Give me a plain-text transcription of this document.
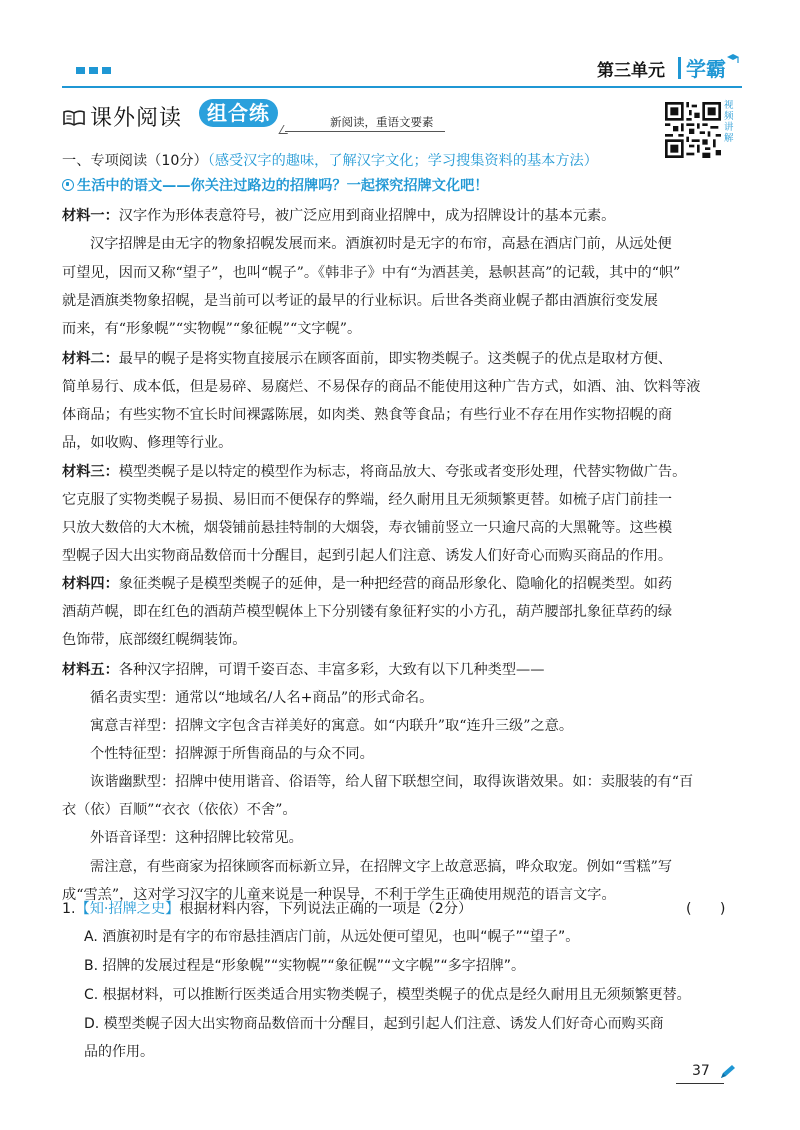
第三单元 学霸
课外阅读	组合练	新阅读，重语文要素
视频讲解
一、专项阅读（10分）（感受汉字的趣味，了解汉字文化；学习搜集资料的基本方法）
生活中的语文——你关注过路边的招牌吗？一起探究招牌文化吧！
材料一：汉字作为形体表意符号，被广泛应用到商业招牌中，成为招牌设计的基本元素。
汉字招牌是由无字的物象招幌发展而来。酒旗初时是无字的布帘，高悬在酒店门前，从远处便
可望见，因而又称“望子”，也叫“幌子”。《韩非子》中有“为酒甚美，悬帜甚高”的记载，其中的“帜”
就是酒旗类物象招幌，是当前可以考证的最早的行业标识。后世各类商业幌子都由酒旗衍变发展
而来，有“形象幌”“实物幌”“象征幌”“文字幌”。
材料二：最早的幌子是将实物直接展示在顾客面前，即实物类幌子。这类幌子的优点是取材方便、
简单易行、成本低，但是易碎、易腐烂、不易保存的商品不能使用这种广告方式，如酒、油、饮料等液
体商品；有些实物不宜长时间裸露陈展，如肉类、熟食等食品；有些行业不存在用作实物招幌的商
品，如收购、修理等行业。
材料三：模型类幌子是以特定的模型作为标志，将商品放大、夸张或者变形处理，代替实物做广告。
它克服了实物类幌子易损、易旧而不便保存的弊端，经久耐用且无须频繁更替。如梳子店门前挂一
只放大数倍的大木梳，烟袋铺前悬挂特制的大烟袋，寿衣铺前竖立一只逾尺高的大黑靴等。这些模
型幌子因大出实物商品数倍而十分醒目，起到引起人们注意、诱发人们好奇心而购买商品的作用。
材料四：象征类幌子是模型类幌子的延伸，是一种把经营的商品形象化、隐喻化的招幌类型。如药
酒葫芦幌，即在红色的酒葫芦模型幌体上下分别镂有象征籽实的小方孔，葫芦腰部扎象征草药的绿
色饰带，底部缀红幌绸装饰。
材料五：各种汉字招牌，可谓千姿百态、丰富多彩，大致有以下几种类型——
循名责实型：通常以“地域名/人名+商品”的形式命名。
寓意吉祥型：招牌文字包含吉祥美好的寓意。如“内联升”取“连升三级”之意。
个性特征型：招牌源于所售商品的与众不同。
诙谐幽默型：招牌中使用谐音、俗语等，给人留下联想空间，取得诙谐效果。如：卖服装的有“百
衣（依）百顺”“衣衣（依依）不舍”。
外语音译型：这种招牌比较常见。
需注意，有些商家为招徕顾客而标新立异，在招牌文字上故意恶搞，哗众取宠。例如“雪糕”写
成“雪羔”，这对学习汉字的儿童来说是一种误导，不利于学生正确使用规范的语言文字。
1.【知·招牌之史】根据材料内容，下列说法正确的一项是（2分）	(　　)
A. 酒旗初时是有字的布帘悬挂酒店门前，从远处便可望见，也叫“幌子”“望子”。
B. 招牌的发展过程是“形象幌”“实物幌”“象征幌”“文字幌”“多字招牌”。
C. 根据材料，可以推断行医类适合用实物类幌子，模型类幌子的优点是经久耐用且无须频繁更替。
D. 模型类幌子因大出实物商品数倍而十分醒目，起到引起人们注意、诱发人们好奇心而购买商
品的作用。
37
